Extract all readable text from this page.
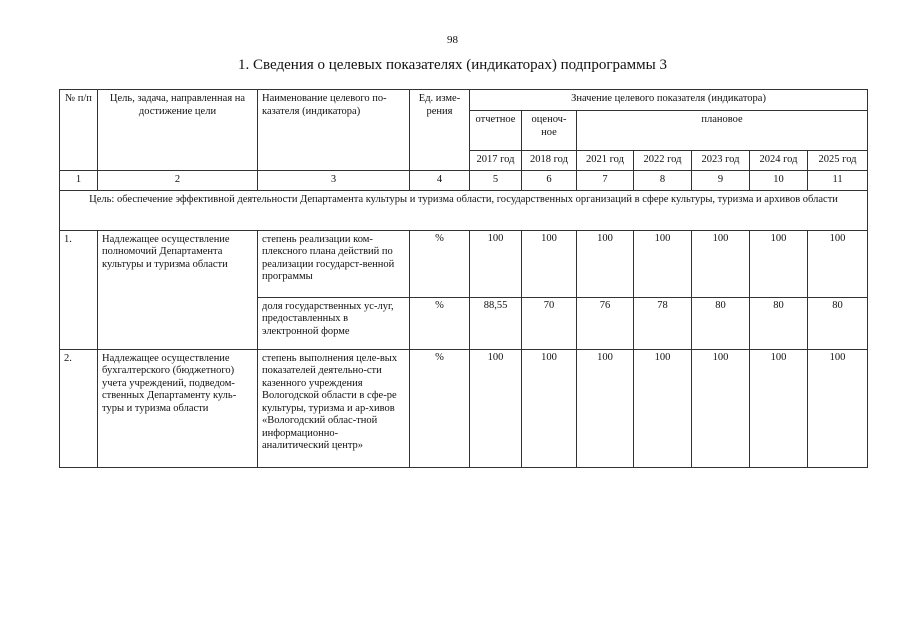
98
1. Сведения о целевых показателях (индикаторах) подпрограммы 3
№ п/п	Цель, задача, направленная на достижение цели	Наименование целевого по-казателя (индикатора)	Ед. изме-рения	Значение целевого показателя (индикатора)						
				отчетное	оценоч-ное	плановое				
				2017 год	2018 год	2021 год	2022 год	2023 год	2024 год	2025 год
1	2	3	4	5	6	7	8	9	10	11
Цель: обеспечение эффективной деятельности Департамента культуры и туризма области, государственных организаций в сфере культуры, туризма и архивов области										
1.	Надлежащее осуществление полномочий Департамента культуры и туризма области	степень реализации ком-плексного плана действий по реализации государст-венной программы	%	100	100	100	100	100	100	100
		доля государственных ус-луг, предоставленных в электронной форме	%	88,55	70	76	78	80	80	80
2.	Надлежащее осуществление бухгалтерского (бюджетного) учета учреждений, подведом-ственных Департаменту куль-туры и туризма области	степень выполнения целе-вых показателей деятельно-сти казенного учреждения Вологодской области в сфе-ре культуры, туризма и ар-хивов «Вологодский облас-тной информационно-аналитический центр»	%	100	100	100	100	100	100	100
